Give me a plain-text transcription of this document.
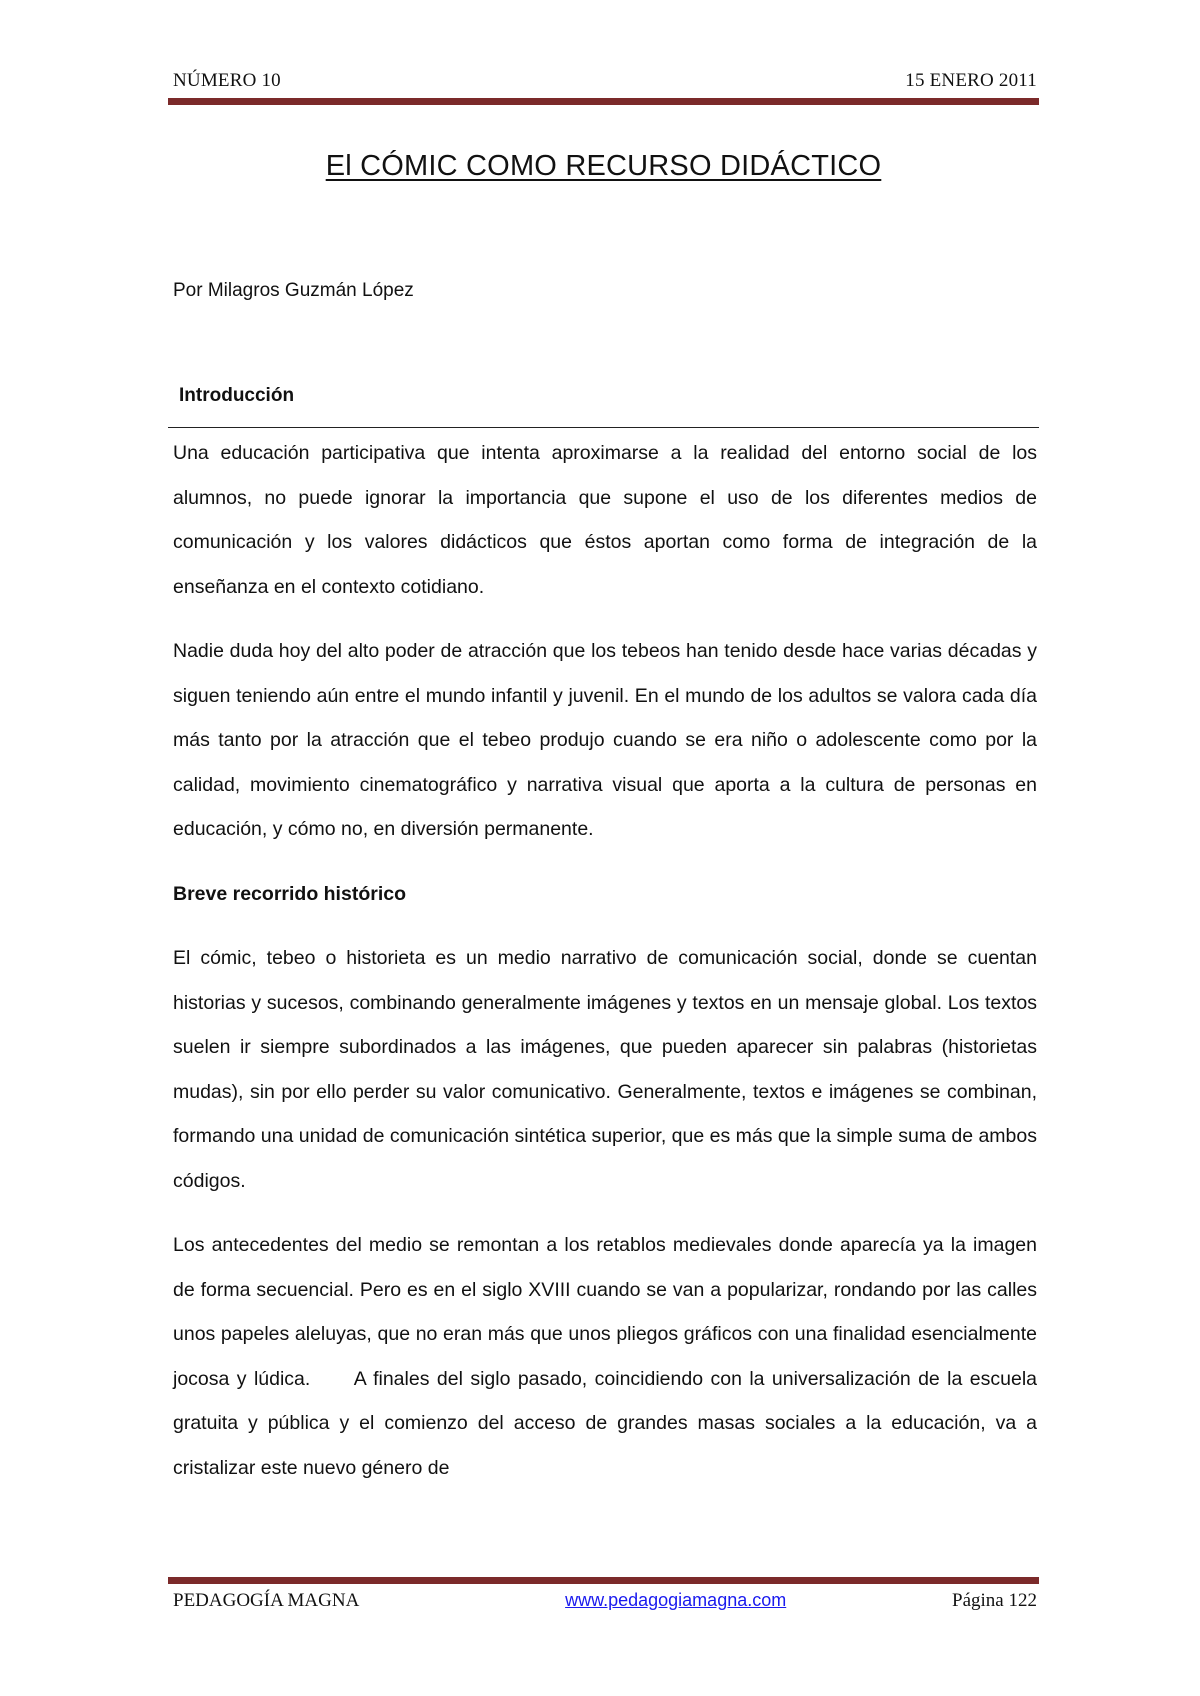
NÚMERO 10	15 ENERO 2011
El CÓMIC COMO RECURSO DIDÁCTICO
Por Milagros Guzmán López
Introducción

Una educación participativa que intenta aproximarse a la realidad del entorno social de los alumnos, no puede ignorar la importancia que supone el uso de los diferentes medios de comunicación y los valores didácticos que éstos aportan como forma de integración de la enseñanza en el contexto cotidiano.

Nadie duda hoy del alto poder de atracción que los tebeos han tenido desde hace varias décadas y siguen teniendo aún entre el mundo infantil y juvenil. En el mundo de los adultos se valora cada día más tanto por la atracción que el tebeo produjo cuando se era niño o adolescente como por la calidad, movimiento cinematográfico y narrativa visual que aporta a la cultura de personas en educación, y cómo no, en diversión permanente.

Breve recorrido histórico

El cómic, tebeo o historieta es un medio narrativo de comunicación social, donde se cuentan historias y sucesos, combinando generalmente imágenes y textos en un mensaje global. Los textos suelen ir siempre subordinados a las imágenes, que pueden aparecer sin palabras (historietas mudas), sin por ello perder su valor comunicativo. Generalmente, textos e imágenes se combinan, formando una unidad de comunicación sintética superior, que es más que la simple suma de ambos códigos.

Los antecedentes del medio se remontan a los retablos medievales donde aparecía ya la imagen de forma secuencial. Pero es en el siglo XVIII cuando se van a popularizar, rondando por las calles unos papeles aleluyas, que no eran más que unos pliegos gráficos con una finalidad esencialmente jocosa y lúdica.      A finales del siglo pasado, coincidiendo con la universalización de la escuela gratuita y pública y el comienzo del acceso de grandes masas sociales a la educación, va a cristalizar este nuevo género de

PEDAGOGÍA MAGNA	www.pedagogiamagna.com	Página 122
